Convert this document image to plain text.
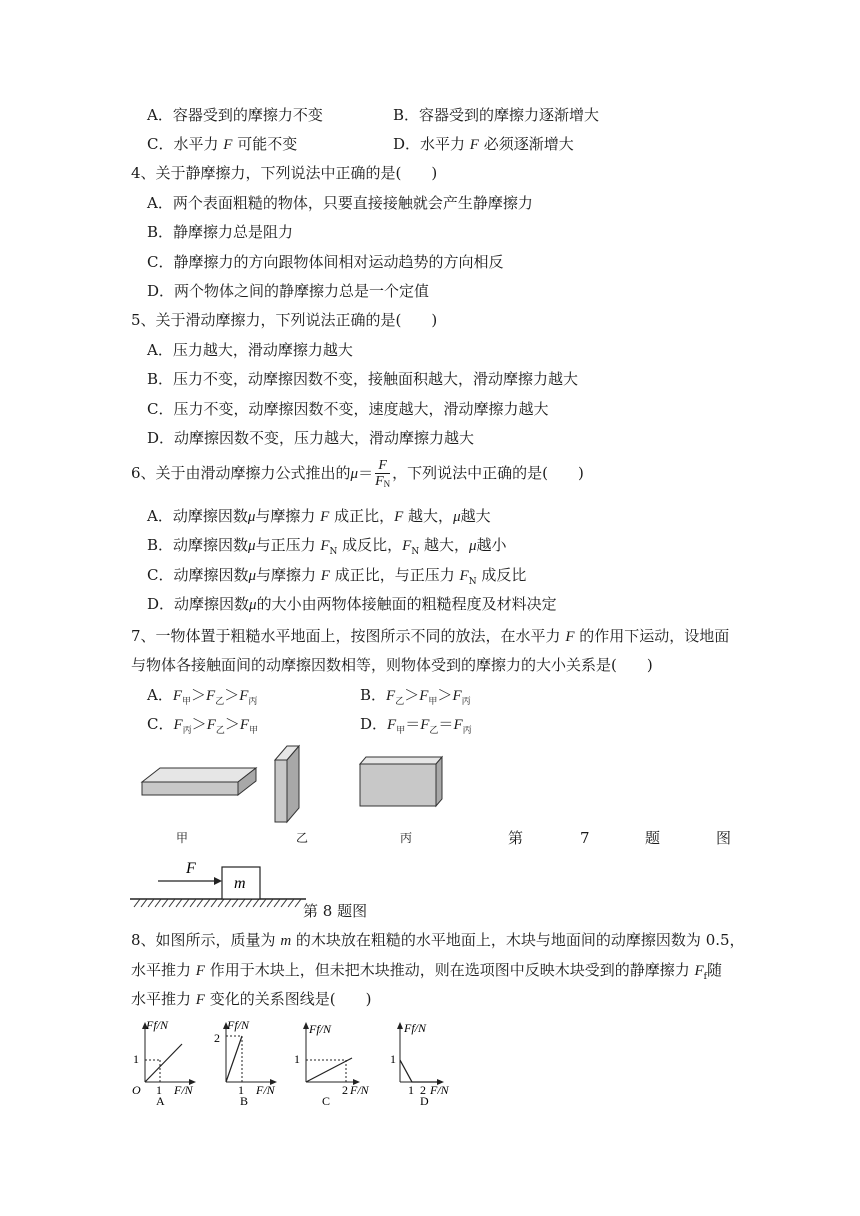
A．容器受到的摩擦力不变	B．容器受到的摩擦力逐渐增大
C．水平力 F 可能不变	D．水平力 F 必须逐渐增大
4、关于静摩擦力，下列说法中正确的是(　　)
A．两个表面粗糙的物体，只要直接接触就会产生静摩擦力
B．静摩擦力总是阻力
C．静摩擦力的方向跟物体间相对运动趋势的方向相反
D．两个物体之间的静摩擦力总是一个定值
5、关于滑动摩擦力，下列说法正确的是(　　)
A．压力越大，滑动摩擦力越大
B．压力不变，动摩擦因数不变，接触面积越大，滑动摩擦力越大
C．压力不变，动摩擦因数不变，速度越大，滑动摩擦力越大
D．动摩擦因数不变，压力越大，滑动摩擦力越大
6、关于由滑动摩擦力公式推出的$\mu= \frac{F}{FN}$ ，下列说法中正确的是(　　)
A．动摩擦因数μ与摩擦力 F 成正比，F 越大，μ越大
B．动摩擦因数μ与正压力 $F_N$ 成反比，$F_N$ 越大，μ越小
C．动摩擦因数μ与摩擦力 F 成正比，与正压力 $F_N$ 成反比
D．动摩擦因数μ的大小由两物体接触面的粗糙程度及材料决定
7、一物体置于粗糙水平地面上，按图所示不同的放法，在水平力 F 的作用下运动，设地面
与物体各接触面间的动摩擦因数相等，则物体受到的摩擦力的大小关系是(　　)
A．$F_甲>F_乙>F_丙$	B．$F_乙>F_甲>F_丙$
C．$F_丙>F_乙>F_甲$	D．$F_甲=F_乙=F_丙$
甲	乙	丙	第	7	题	图
F
m
第 8 题图
8、如图所示，质量为 m 的木块放在粗糙的水平地面上，木块与地面间的动摩擦因数为 0.5，
水平推力 F 作用于木块上，但未把木块推动，则在选项图中反映木块受到的静摩擦力 $F_f$随
水平推力 F 变化的关系图线是(　　)
Ff/N
O
1
1 F/N
A
Ff/N
2
1 F/N
B
Ff/N
1
2 F/N
C
Ff/N
1
1 2 F/N
D
